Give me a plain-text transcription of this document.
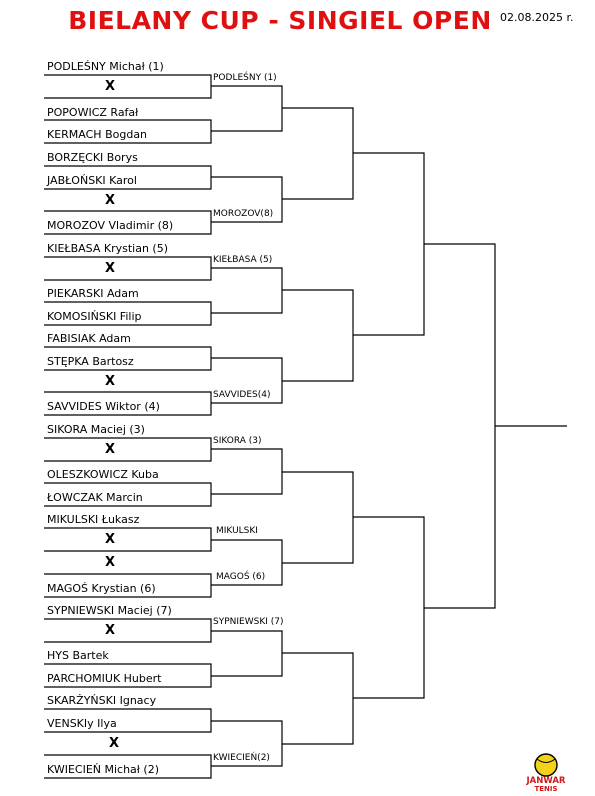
BIELANY CUP - SINGIEL OPEN 02.08.2025 r.
PODLEŚNY Michał (1)
X
POPOWICZ Rafał
KERMACH Bogdan
BORZĘCKI Borys
JABŁOŃSKI Karol
X
MOROZOV Vladimir (8)
KIEŁBASA Krystian (5)
X
PIEKARSKI Adam
KOMOSIŃSKI Filip
FABISIAK Adam
STĘPKA Bartosz
X
SAVVIDES Wiktor (4)
SIKORA Maciej (3)
X
OLESZKOWICZ Kuba
ŁOWCZAK Marcin
MIKULSKI Łukasz
X
X
MAGOŚ Krystian (6)
SYPNIEWSKI Maciej (7)
X
HYS Bartek
PARCHOMIUK Hubert
SKARŻYŃSKI Ignacy
VENSKIy Ilya
X
KWIECIEŃ Michał (2)
PODLEŚNY (1)
MOROZOV(8)
KIEŁBASA (5)
SAVVIDES(4)
SIKORA (3)
MIKULSKI
MAGOŚ (6)
SYPNIEWSKI (7)
KWIECIEŃ(2)
JANWAR
TENIS
